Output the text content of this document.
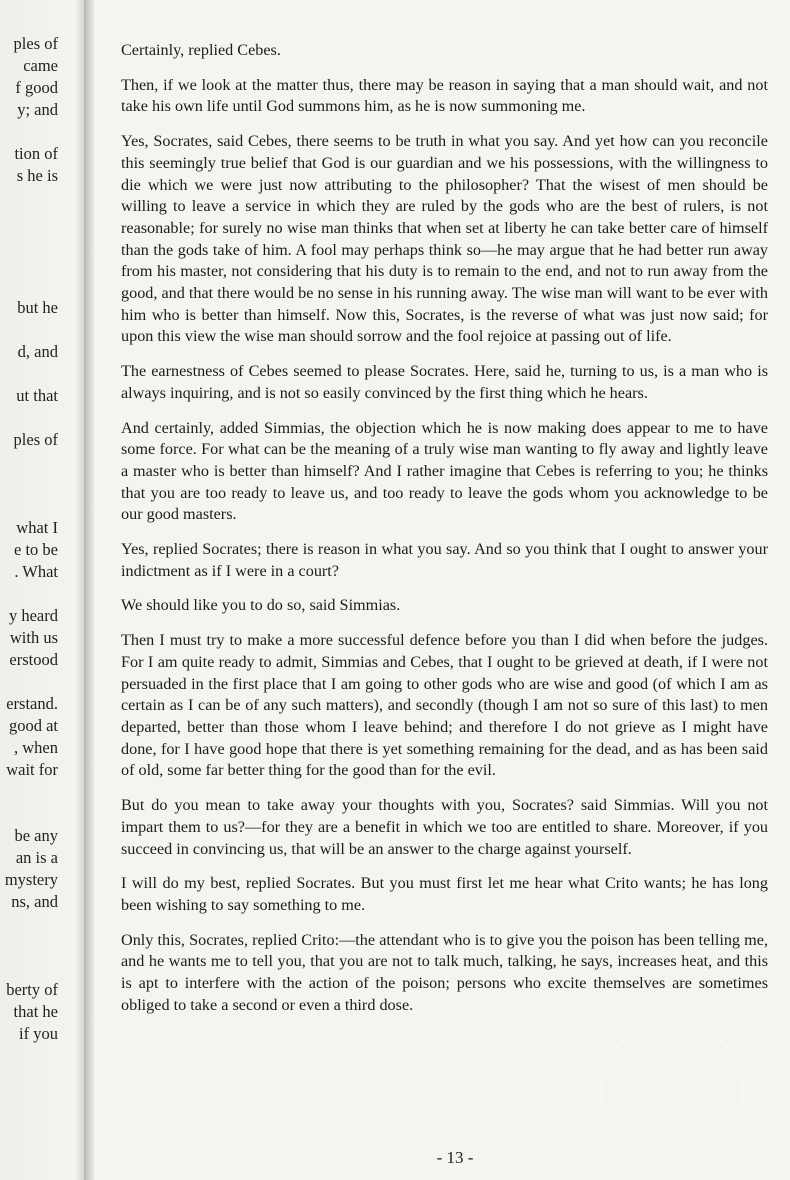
ples of
came
f good
y; and
tion of
s he is
but he
d, and
ut that
ples of
what I
e to be
. What
y heard
with us
erstood
erstand.
good at
, when
wait for
be any
an is a
mystery
ns, and
berty of
that he
if you

Certainly, replied Cebes.

Then, if we look at the matter thus, there may be reason in saying that a man should wait, and not take his own life until God summons him, as he is now summoning me.

Yes, Socrates, said Cebes, there seems to be truth in what you say. And yet how can you reconcile this seemingly true belief that God is our guardian and we his possessions, with the willingness to die which we were just now attributing to the philosopher? That the wisest of men should be willing to leave a service in which they are ruled by the gods who are the best of rulers, is not reasonable; for surely no wise man thinks that when set at liberty he can take better care of himself than the gods take of him. A fool may perhaps think so—he may argue that he had better run away from his master, not considering that his duty is to remain to the end, and not to run away from the good, and that there would be no sense in his running away. The wise man will want to be ever with him who is better than himself. Now this, Socrates, is the reverse of what was just now said; for upon this view the wise man should sorrow and the fool rejoice at passing out of life.

The earnestness of Cebes seemed to please Socrates. Here, said he, turning to us, is a man who is always inquiring, and is not so easily convinced by the first thing which he hears.

And certainly, added Simmias, the objection which he is now making does appear to me to have some force. For what can be the meaning of a truly wise man wanting to fly away and lightly leave a master who is better than himself? And I rather imagine that Cebes is referring to you; he thinks that you are too ready to leave us, and too ready to leave the gods whom you acknowledge to be our good masters.

Yes, replied Socrates; there is reason in what you say. And so you think that I ought to answer your indictment as if I were in a court?

We should like you to do so, said Simmias.

Then I must try to make a more successful defence before you than I did when before the judges. For I am quite ready to admit, Simmias and Cebes, that I ought to be grieved at death, if I were not persuaded in the first place that I am going to other gods who are wise and good (of which I am as certain as I can be of any such matters), and secondly (though I am not so sure of this last) to men departed, better than those whom I leave behind; and therefore I do not grieve as I might have done, for I have good hope that there is yet something remaining for the dead, and as has been said of old, some far better thing for the good than for the evil.

But do you mean to take away your thoughts with you, Socrates? said Simmias. Will you not impart them to us?—for they are a benefit in which we too are entitled to share. Moreover, if you succeed in convincing us, that will be an answer to the charge against yourself.

I will do my best, replied Socrates. But you must first let me hear what Crito wants; he has long been wishing to say something to me.

Only this, Socrates, replied Crito:—the attendant who is to give you the poison has been telling me, and he wants me to tell you, that you are not to talk much, talking, he says, increases heat, and this is apt to interfere with the action of the poison; persons who excite themselves are sometimes obliged to take a second or even a third dose.

- 13 -
